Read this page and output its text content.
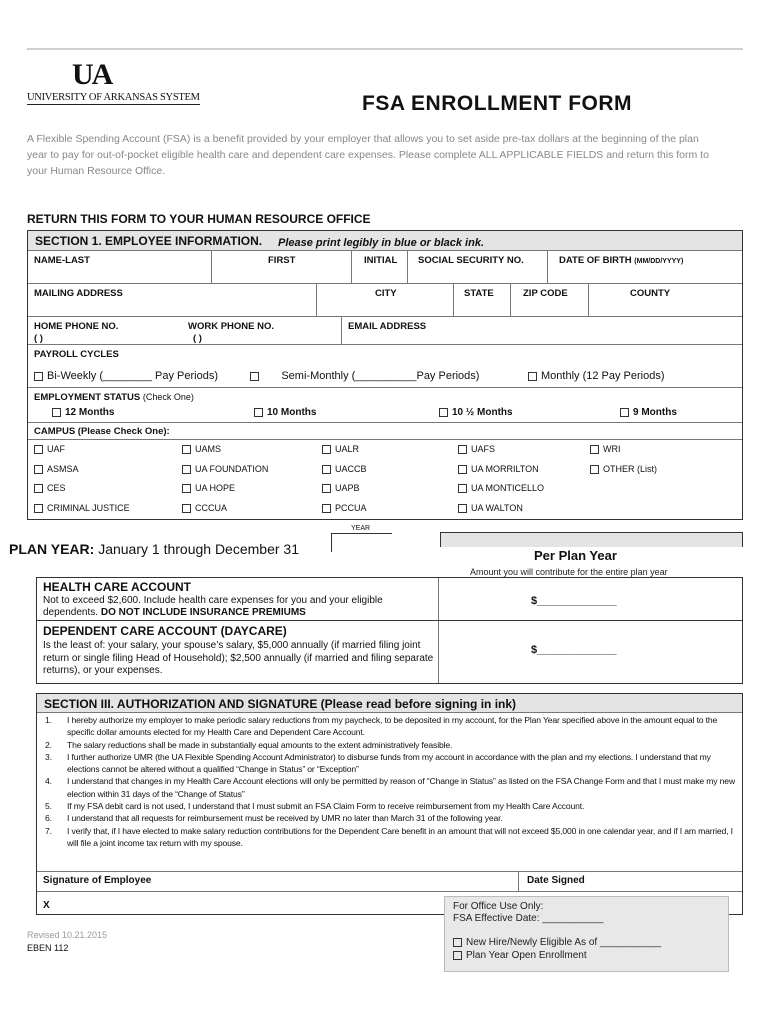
UA
UNIVERSITY OF ARKANSAS SYSTEM	FSA ENROLLMENT FORM
A Flexible Spending Account (FSA) is a benefit provided by your employer that allows you to set aside pre-tax dollars at the beginning of the plan year to pay for out-of-pocket eligible health care and dependent care expenses. Please complete ALL APPLICABLE FIELDS and return this form to your Human Resource Office.
RETURN THIS FORM TO YOUR HUMAN RESOURCE OFFICE
SECTION 1. EMPLOYEE INFORMATION. Please print legibly in blue or black ink.
NAME-LAST	FIRST	INITIAL SOCIAL SECURITY NO.	DATE OF BIRTH (MM/DD/YYYY)
MAILING ADDRESS	CITY	STATE	ZIP CODE	COUNTY
HOME PHONE NO.
( )
WORK PHONE NO.
( )
EMAIL ADDRESS
PAYROLL CYCLES
Bi-Weekly (________ Pay Periods)	Semi-Monthly (__________Pay Periods)	Monthly (12 Pay Periods)
EMPLOYMENT STATUS (Check One)
12 Months	10 Months	10 ½ Months	9 Months
CAMPUS (Please Check One):
UAF	UAMS	UALR	UAFS	WRI
ASMSA	UA FOUNDATION	UACCB	UA MORRILTON	OTHER (List)
CES	UA HOPE	UAPB	UA MONTICELLO
CRIMINAL JUSTICE	CCCUA	PCCUA	UA WALTON
YEAR
PLAN YEAR: January 1 through December 31	Per Plan Year
Amount you will contribute for the entire plan year
HEALTH CARE ACCOUNT
Not to exceed $2,600. Include health care expenses for you and your eligible dependents. DO NOT INCLUDE INSURANCE PREMIUMS
$_____________
DEPENDENT CARE ACCOUNT (DAYCARE)
Is the least of: your salary, your spouse’s salary, $5,000 annually (if married filing joint return or single filing Head of Household); $2,500 annually (if married and filing separate returns), or your expenses.
$_____________
SECTION III. AUTHORIZATION AND SIGNATURE (Please read before signing in ink)
1. I hereby authorize my employer to make periodic salary reductions from my paycheck, to be deposited in my account, for the Plan Year specified above in the amount equal to the specific dollar amounts elected for my Health Care and Dependent Care Account.
2. The salary reductions shall be made in substantially equal amounts to the extent administratively feasible.
3. I further authorize UMR (the UA Flexible Spending Account Administrator) to disburse funds from my account in accordance with the plan and my elections. I understand that my elections cannot be altered without a qualified “Change in Status” or “Exception”
4. I understand that changes in my Health Care Account elections will only be permitted by reason of “Change in Status” as listed on the FSA Change Form and that I must make my new election within 31 days of the “Change of Status”
5. If my FSA debit card is not used, I understand that I must submit an FSA Claim Form to receive reimbursement from my Health Care Account.
6. I understand that all requests for reimbursement must be received by UMR no later than March 31 of the following year.
7. I verify that, if I have elected to make salary reduction contributions for the Dependent Care benefit in an amount that will not exceed $5,000 in one calendar year, and if I am married, I will file a joint income tax return with my spouse.
Signature of Employee	Date Signed
X
Revised 10.21.2015
EBEN 112
For Office Use Only:
FSA Effective Date: ___________
New Hire/Newly Eligible As of ___________
Plan Year Open Enrollment
